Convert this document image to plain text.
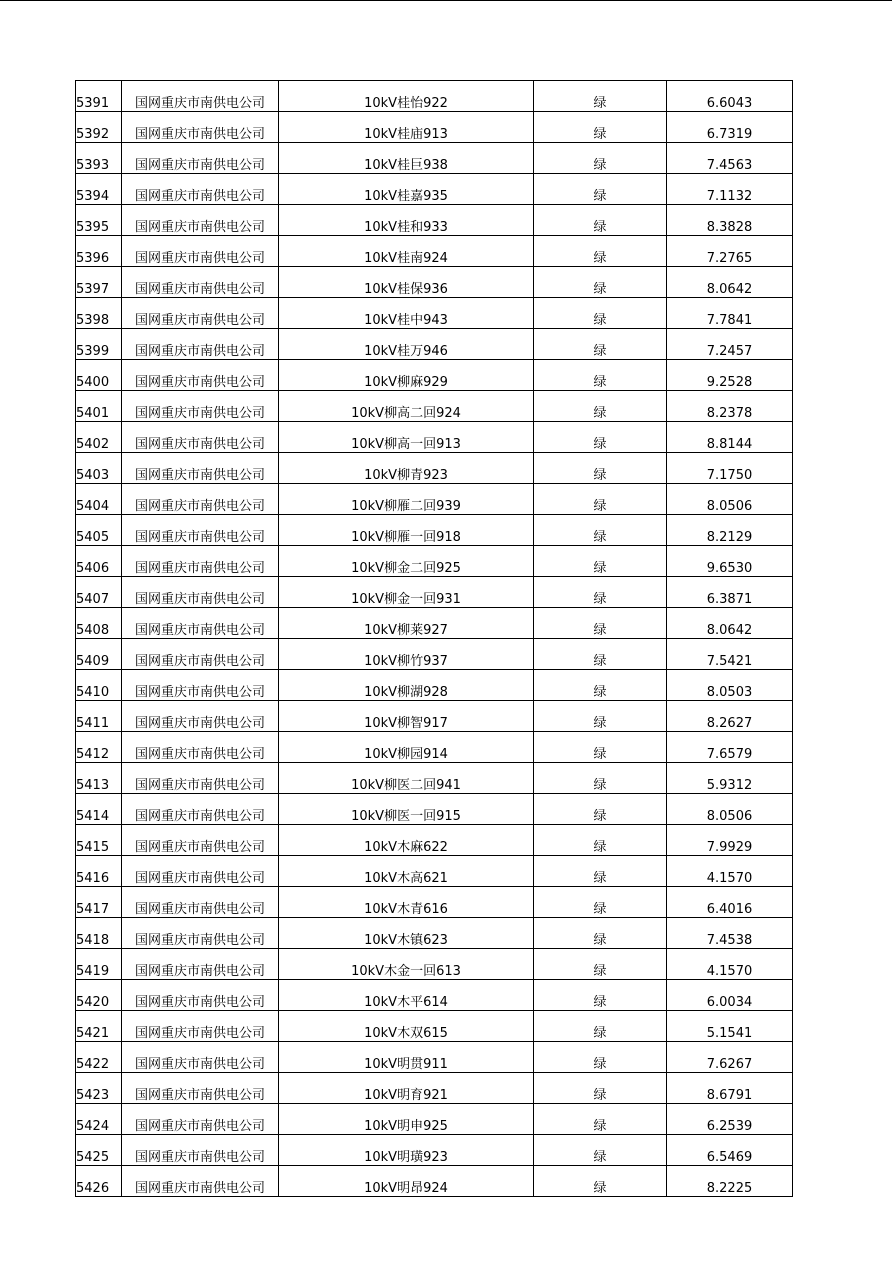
5391	国网重庆市南供电公司	10kV桂怡922	绿	6.6043
5392	国网重庆市南供电公司	10kV桂庙913	绿	6.7319
5393	国网重庆市南供电公司	10kV桂巨938	绿	7.4563
5394	国网重庆市南供电公司	10kV桂嘉935	绿	7.1132
5395	国网重庆市南供电公司	10kV桂和933	绿	8.3828
5396	国网重庆市南供电公司	10kV桂南924	绿	7.2765
5397	国网重庆市南供电公司	10kV桂保936	绿	8.0642
5398	国网重庆市南供电公司	10kV桂中943	绿	7.7841
5399	国网重庆市南供电公司	10kV桂万946	绿	7.2457
5400	国网重庆市南供电公司	10kV柳麻929	绿	9.2528
5401	国网重庆市南供电公司	10kV柳高二回924	绿	8.2378
5402	国网重庆市南供电公司	10kV柳高一回913	绿	8.8144
5403	国网重庆市南供电公司	10kV柳青923	绿	7.1750
5404	国网重庆市南供电公司	10kV柳雁二回939	绿	8.0506
5405	国网重庆市南供电公司	10kV柳雁一回918	绿	8.2129
5406	国网重庆市南供电公司	10kV柳金二回925	绿	9.6530
5407	国网重庆市南供电公司	10kV柳金一回931	绿	6.3871
5408	国网重庆市南供电公司	10kV柳莱927	绿	8.0642
5409	国网重庆市南供电公司	10kV柳竹937	绿	7.5421
5410	国网重庆市南供电公司	10kV柳湖928	绿	8.0503
5411	国网重庆市南供电公司	10kV柳智917	绿	8.2627
5412	国网重庆市南供电公司	10kV柳园914	绿	7.6579
5413	国网重庆市南供电公司	10kV柳医二回941	绿	5.9312
5414	国网重庆市南供电公司	10kV柳医一回915	绿	8.0506
5415	国网重庆市南供电公司	10kV木麻622	绿	7.9929
5416	国网重庆市南供电公司	10kV木高621	绿	4.1570
5417	国网重庆市南供电公司	10kV木青616	绿	6.4016
5418	国网重庆市南供电公司	10kV木镇623	绿	7.4538
5419	国网重庆市南供电公司	10kV木金一回613	绿	4.1570
5420	国网重庆市南供电公司	10kV木平614	绿	6.0034
5421	国网重庆市南供电公司	10kV木双615	绿	5.1541
5422	国网重庆市南供电公司	10kV明贯911	绿	7.6267
5423	国网重庆市南供电公司	10kV明育921	绿	8.6791
5424	国网重庆市南供电公司	10kV明申925	绿	6.2539
5425	国网重庆市南供电公司	10kV明璜923	绿	6.5469
5426	国网重庆市南供电公司	10kV明昂924	绿	8.2225
